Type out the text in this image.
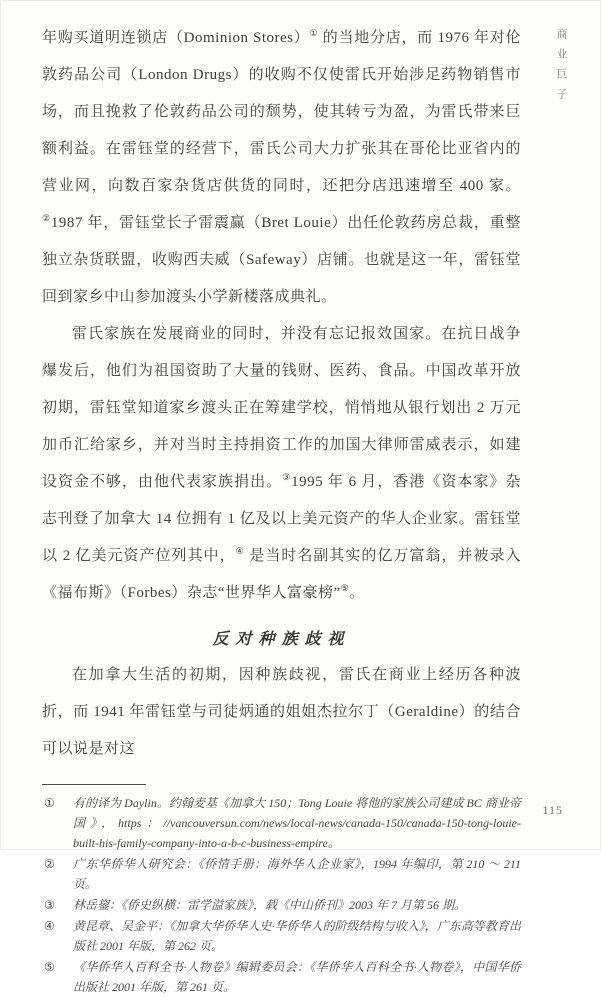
商业巨子

年购买道明连锁店（Dominion Stores）① 的当地分店，而 1976 年对伦敦药品公司（London Drugs）的收购不仅使雷氏开始涉足药物销售市场，而且挽救了伦敦药品公司的颓势，使其转亏为盈，为雷氏带来巨额利益。在雷钰堂的经营下，雷氏公司大力扩张其在哥伦比亚省内的营业网，向数百家杂货店供货的同时，还把分店迅速增至 400 家。②1987 年，雷钰堂长子雷震赢（Bret Louie）出任伦敦药房总裁，重整独立杂货联盟，收购西夫威（Safeway）店铺。也就是这一年，雷钰堂回到家乡中山参加渡头小学新楼落成典礼。

雷氏家族在发展商业的同时，并没有忘记报效国家。在抗日战争爆发后，他们为祖国资助了大量的钱财、医药、食品。中国改革开放初期，雷钰堂知道家乡渡头正在筹建学校，悄悄地从银行划出 2 万元加币汇给家乡，并对当时主持捐资工作的加国大律师雷威表示，如建设资金不够，由他代表家族捐出。③1995 年 6 月，香港《资本家》杂志刊登了加拿大 14 位拥有 1 亿及以上美元资产的华人企业家。雷钰堂以 2 亿美元资产位列其中，④ 是当时名副其实的亿万富翁，并被录入《福布斯》（Forbes）杂志“世界华人富豪榜”⑤。

反对种族歧视

在加拿大生活的初期，因种族歧视，雷氏在商业上经历各种波折，而 1941 年雷钰堂与司徒炳通的姐姐杰拉尔丁（Geraldine）的结合可以说是对这

① 有的译为 Daylin。约翰麦基《加拿大 150；Tong Louie 将他的家族公司建成 BC 商业帝国》，https：//vancouversun.com/news/local-news/canada-150/canada-150-tong-louie-built-his-family-company-into-a-b-c-business-empire。
② 广东华侨华人研究会：《侨情手册：海外华人企业家》，1994 年编印，第 210 ～ 211 页。
③ 林岳鋆：《侨史纵横：雷学溢家族》，载《中山侨刊》2003 年 7 月第 56 期。
④ 黄昆章、吴金平：《加拿大华侨华人史·华侨华人的阶级结构与收入》，广东高等教育出版社 2001 年版，第 262 页。
⑤ 《华侨华人百科全书·人物卷》编辑委员会：《华侨华人百科全书·人物卷》，中国华侨出版社 2001 年版，第 261 页。
115
